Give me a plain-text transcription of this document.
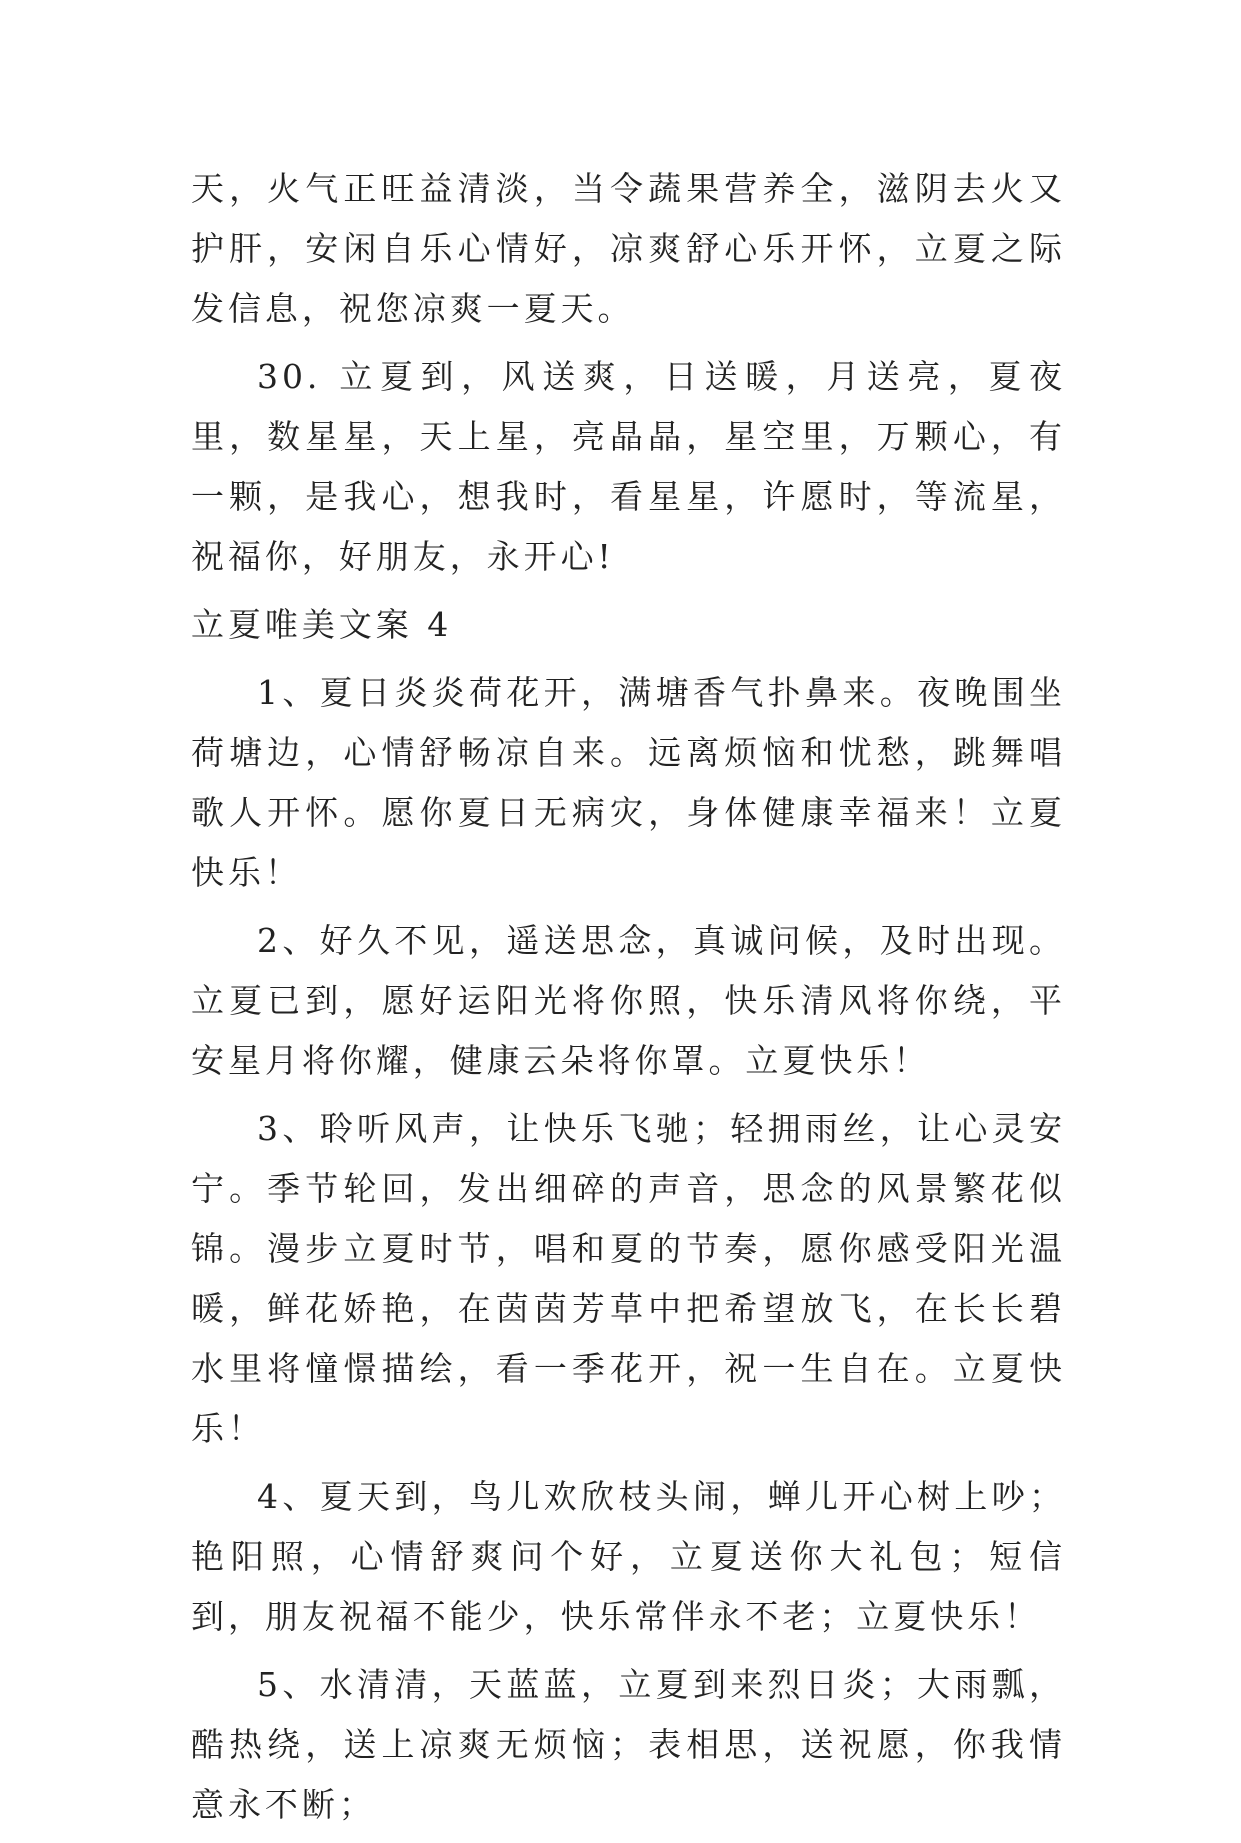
天，火气正旺益清淡，当令蔬果营养全，滋阴去火又护肝，安闲自乐心情好，凉爽舒心乐开怀，立夏之际发信息，祝您凉爽一夏天。

30. 立夏到，风送爽，日送暖，月送亮，夏夜里，数星星，天上星，亮晶晶，星空里，万颗心，有一颗，是我心，想我时，看星星，许愿时，等流星，祝福你，好朋友，永开心!

立夏唯美文案 4

1、夏日炎炎荷花开，满塘香气扑鼻来。夜晚围坐荷塘边，心情舒畅凉自来。远离烦恼和忧愁，跳舞唱歌人开怀。愿你夏日无病灾，身体健康幸福来！立夏快乐！

2、好久不见，遥送思念，真诚问候，及时出现。立夏已到，愿好运阳光将你照，快乐清风将你绕，平安星月将你耀，健康云朵将你罩。立夏快乐！

3、聆听风声，让快乐飞驰；轻拥雨丝，让心灵安宁。季节轮回，发出细碎的声音，思念的风景繁花似锦。漫步立夏时节，唱和夏的节奏，愿你感受阳光温暖，鲜花娇艳，在茵茵芳草中把希望放飞，在长长碧水里将憧憬描绘，看一季花开，祝一生自在。立夏快乐！

4、夏天到，鸟儿欢欣枝头闹，蝉儿开心树上吵；艳阳照，心情舒爽问个好，立夏送你大礼包；短信到，朋友祝福不能少，快乐常伴永不老；立夏快乐！

5、水清清，天蓝蓝，立夏到来烈日炎；大雨瓢，酷热绕，送上凉爽无烦恼；表相思，送祝愿，你我情意永不断；
